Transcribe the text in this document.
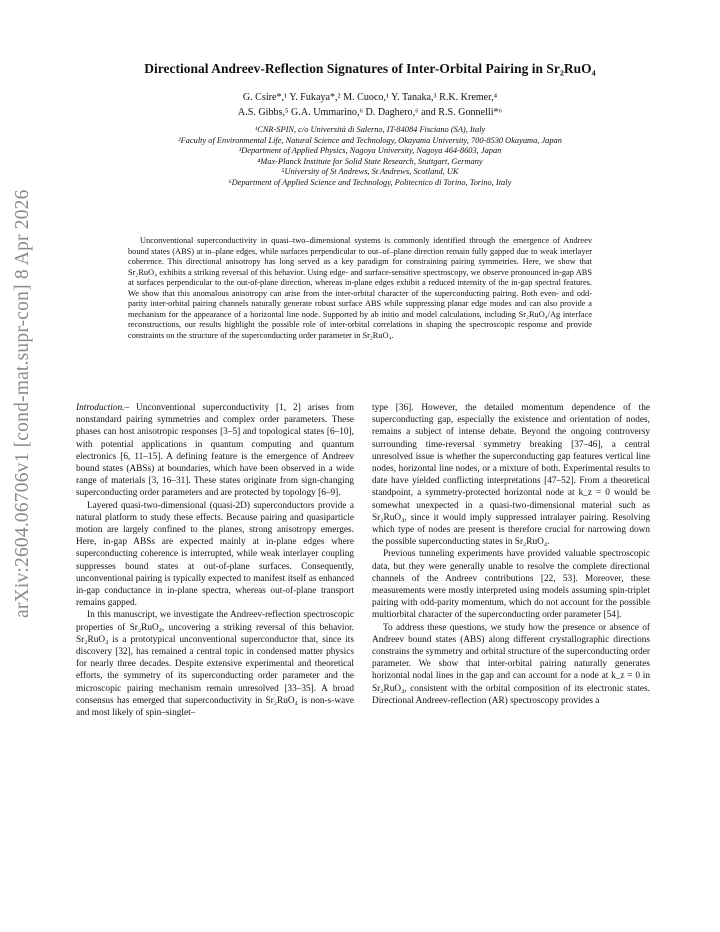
arXiv:2604.06706v1 [cond-mat.supr-con] 8 Apr 2026
Directional Andreev-Reflection Signatures of Inter-Orbital Pairing in Sr₂RuO₄
G. Csire*,¹ Y. Fukaya*,² M. Cuoco,¹ Y. Tanaka,³ R.K. Kremer,⁴
A.S. Gibbs,⁵ G.A. Ummarino,⁶ D. Daghero,⁶ and R.S. Gonnelli*⁶
¹CNR-SPIN, c/o Università di Salerno, IT-84084 Fisciano (SA), Italy
²Faculty of Environmental Life, Natural Science and Technology, Okayama University, 700-8530 Okayama, Japan
³Department of Applied Physics, Nagoya University, Nagoya 464-8603, Japan
⁴Max-Planck Institute for Solid State Research, Stuttgart, Germany
⁵University of St Andrews, St Andrews, Scotland, UK
⁶Department of Applied Science and Technology, Politecnico di Torino, Torino, Italy
Unconventional superconductivity in quasi–two–dimensional systems is commonly identified through the emergence of Andreev bound states (ABS) at in–plane edges, while surfaces perpendicular to out–of–plane direction remain fully gapped due to weak interlayer coherence. This directional anisotropy has long served as a key paradigm for constraining pairing symmetries. Here, we show that Sr₂RuO₄ exhibits a striking reversal of this behavior. Using edge- and surface-sensitive spectroscopy, we observe pronounced in-gap ABS at surfaces perpendicular to the out-of-plane direction, whereas in-plane edges exhibit a reduced intensity of the in-gap spectral features. We show that this anomalous anisotropy can arise from the inter-orbital character of the superconducting pairing. Both even- and odd-parity inter-orbital pairing channels naturally generate robust surface ABS while suppressing planar edge modes and can also provide a mechanism for the appearance of a horizontal line node. Supported by ab initio and model calculations, including Sr₂RuO₄/Ag interface reconstructions, our results highlight the possible role of inter-orbital correlations in shaping the spectroscopic response and provide constraints on the structure of the superconducting order parameter in Sr₂RuO₄.

Introduction.– Unconventional superconductivity [1, 2] arises from nonstandard pairing symmetries and complex order parameters. These phases can host anisotropic responses [3–5] and topological states [6–10], with potential applications in quantum computing and quantum electronics [6, 11–15]. A defining feature is the emergence of Andreev bound states (ABSs) at boundaries, which have been observed in a wide range of materials [3, 16–31]. These states originate from sign-changing superconducting order parameters and are protected by topology [6–9].

Layered quasi-two-dimensional (quasi-2D) superconductors provide a natural platform to study these effects. Because pairing and quasiparticle motion are largely confined to the planes, strong anisotropy emerges. Here, in-gap ABSs are expected mainly at in-plane edges where superconducting coherence is interrupted, while weak interlayer coupling suppresses bound states at out-of-plane surfaces. Consequently, unconventional pairing is typically expected to manifest itself as enhanced in-gap conductance in in-plane spectra, whereas out-of-plane transport remains gapped.

In this manuscript, we investigate the Andreev-reflection spectroscopic properties of Sr₂RuO₄, uncovering a striking reversal of this behavior. Sr₂RuO₄ is a prototypical unconventional superconductor that, since its discovery [32], has remained a central topic in condensed matter physics for nearly three decades. Despite extensive experimental and theoretical efforts, the symmetry of its superconducting order parameter and the microscopic pairing mechanism remain unresolved [33–35]. A broad consensus has emerged that superconductivity in Sr₂RuO₄ is non-s-wave and most likely of spin–singlet–

type [36]. However, the detailed momentum dependence of the superconducting gap, especially the existence and orientation of nodes, remains a subject of intense debate. Beyond the ongoing controversy surrounding time-reversal symmetry breaking [37–46], a central unresolved issue is whether the superconducting gap features vertical line nodes, horizontal line nodes, or a mixture of both. Experimental results to date have yielded conflicting interpretations [47–52]. From a theoretical standpoint, a symmetry-protected horizontal node at k_z = 0 would be somewhat unexpected in a quasi-two-dimensional material such as Sr₂RuO₄, since it would imply suppressed intralayer pairing. Resolving which type of nodes are present is therefore crucial for narrowing down the possible superconducting states in Sr₂RuO₄.

Previous tunneling experiments have provided valuable spectroscopic data, but they were generally unable to resolve the complete directional channels of the Andreev contributions [22, 53]. Moreover, these measurements were mostly interpreted using models assuming spin-triplet pairing with odd-parity momentum, which do not account for the possible multiorbital character of the superconducting order parameter [54].

To address these questions, we study how the presence or absence of Andreev bound states (ABS) along different crystallographic directions constrains the symmetry and orbital structure of the superconducting order parameter. We show that inter-orbital pairing naturally generates horizontal nodal lines in the gap and can account for a node at k_z = 0 in Sr₂RuO₄, consistent with the orbital composition of its electronic states. Directional Andreev-reflection (AR) spectroscopy provides a
